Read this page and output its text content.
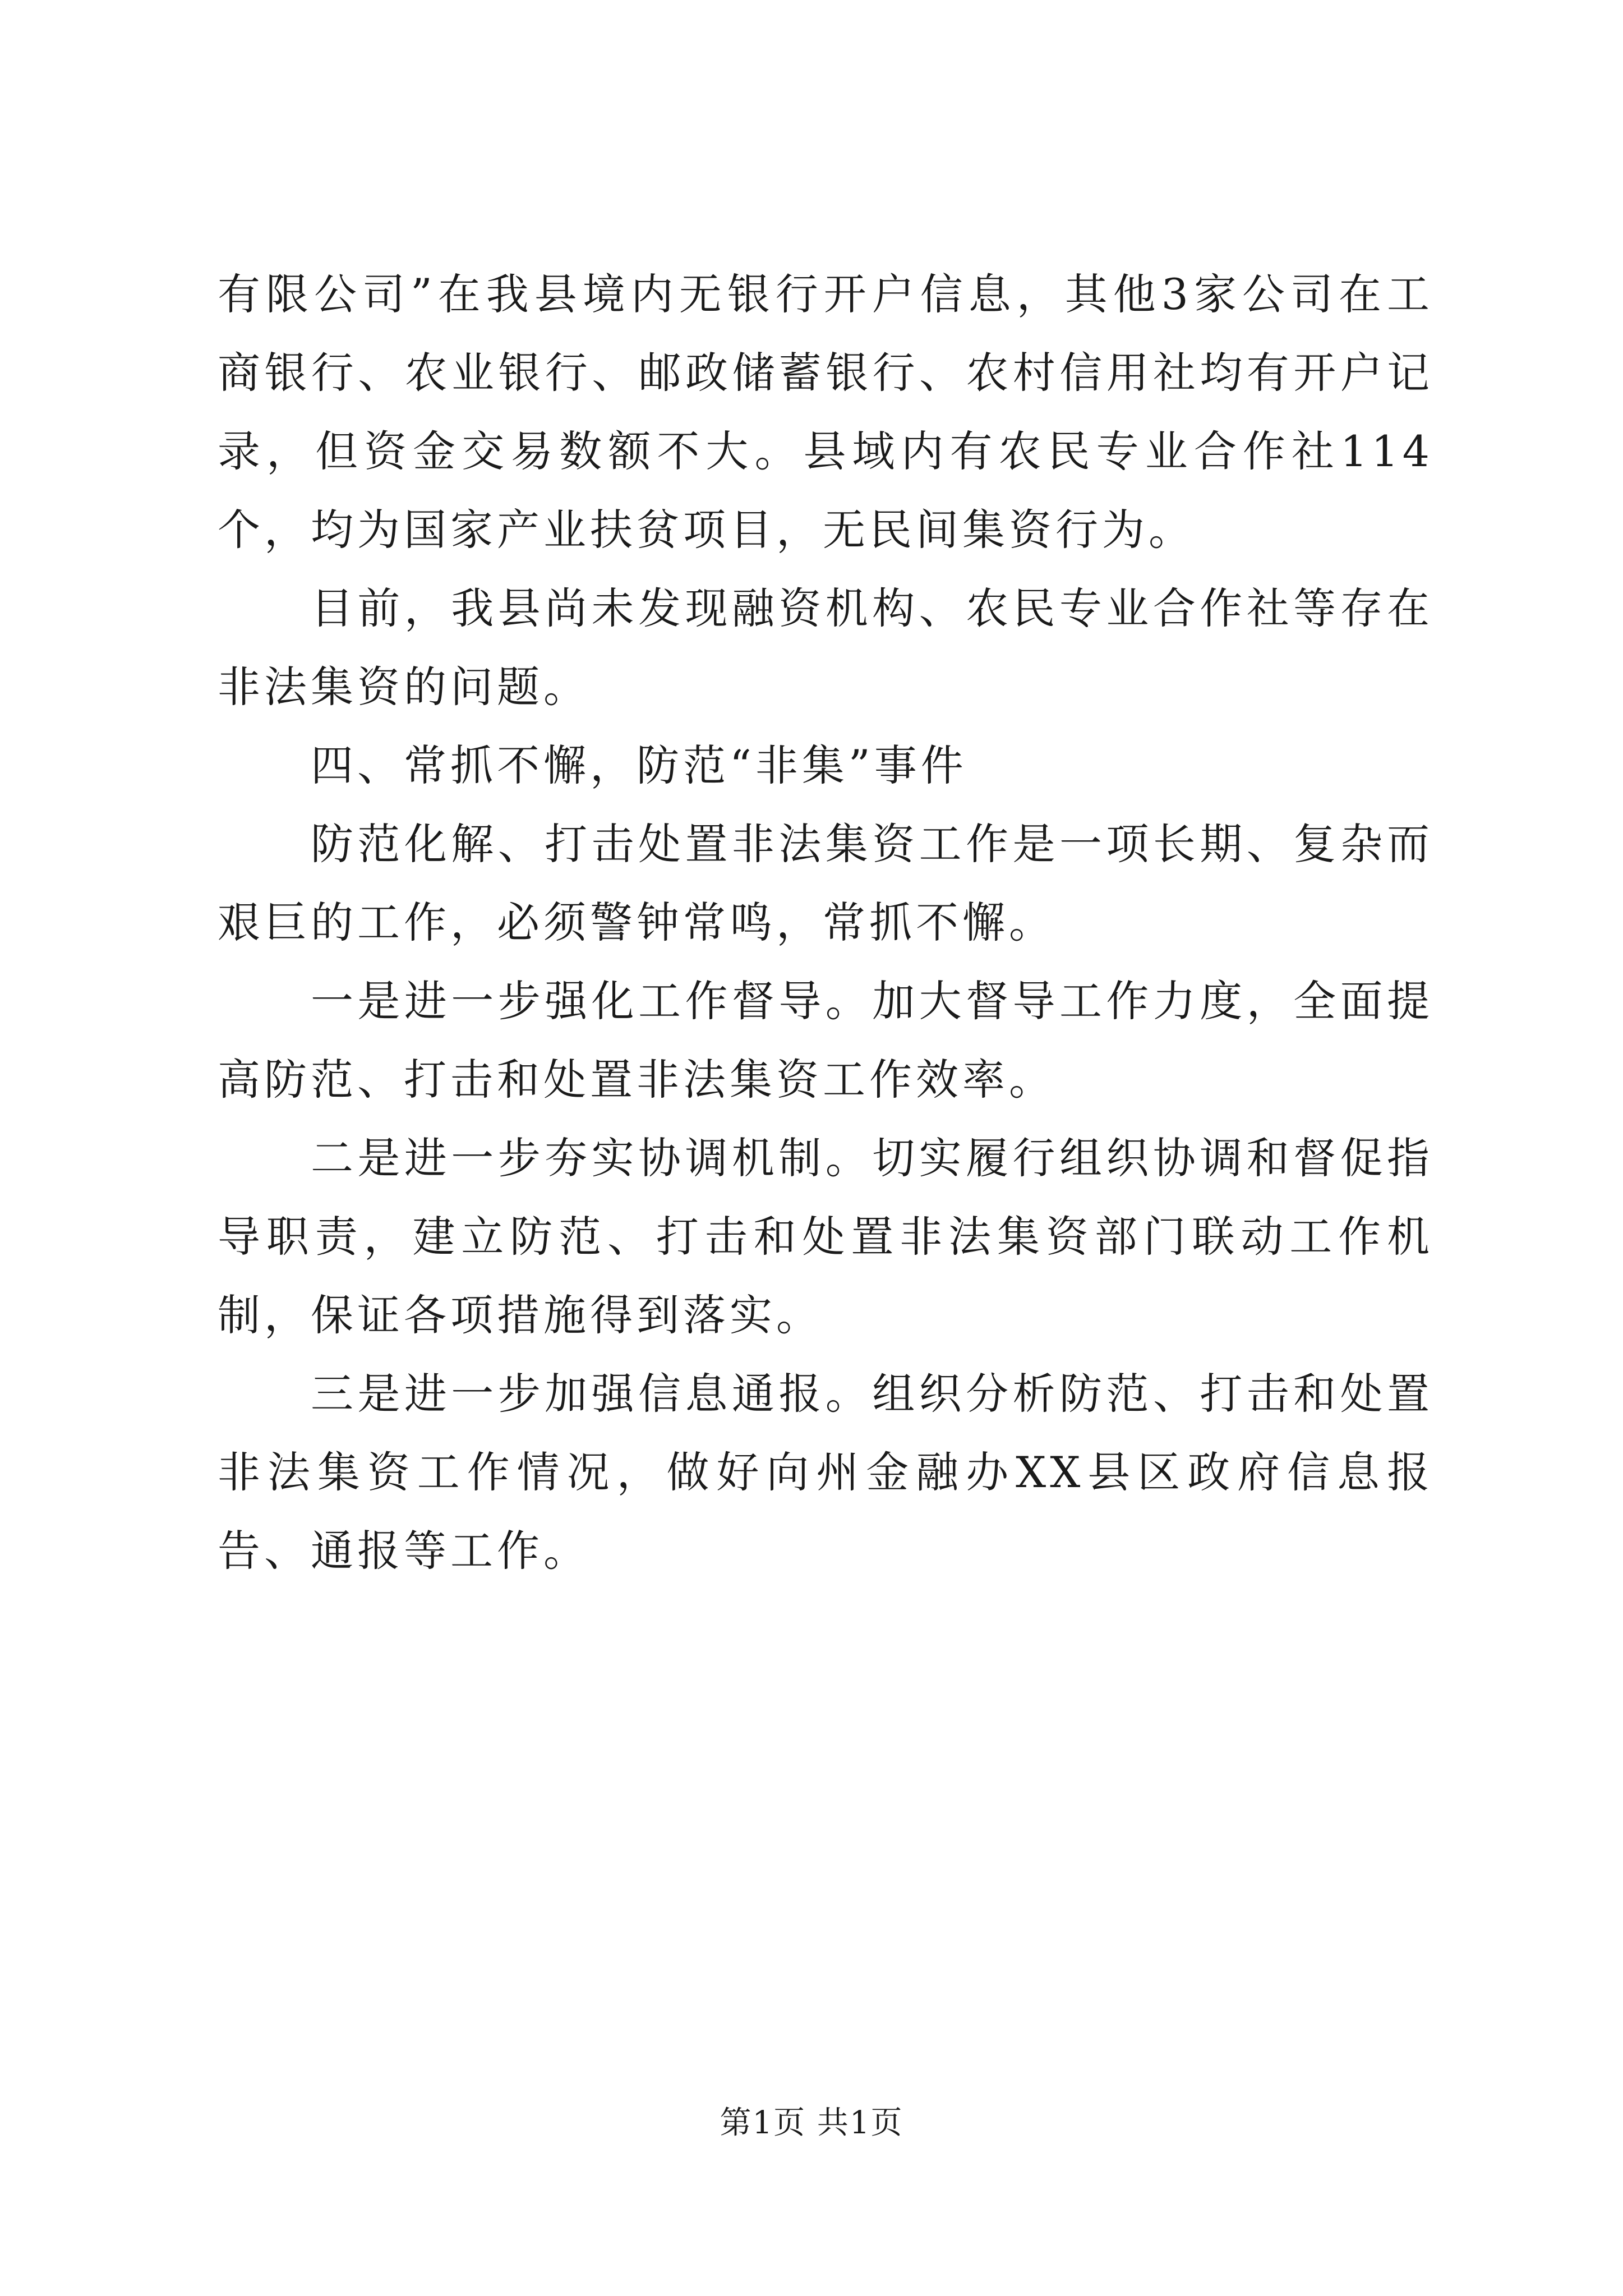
有限公司”在我县境内无银行开户信息，其他3家公司在工商银行、农业银行、邮政储蓄银行、农村信用社均有开户记录，但资金交易数额不大。县域内有农民专业合作社114个，均为国家产业扶贫项目，无民间集资行为。

目前，我县尚未发现融资机构、农民专业合作社等存在非法集资的问题。

四、常抓不懈，防范“非集”事件

防范化解、打击处置非法集资工作是一项长期、复杂而艰巨的工作，必须警钟常鸣，常抓不懈。

一是进一步强化工作督导。加大督导工作力度，全面提高防范、打击和处置非法集资工作效率。

二是进一步夯实协调机制。切实履行组织协调和督促指导职责，建立防范、打击和处置非法集资部门联动工作机制，保证各项措施得到落实。

三是进一步加强信息通报。组织分析防范、打击和处置非法集资工作情况，做好向州金融办XX县区政府信息报告、通报等工作。

第1页 共1页
